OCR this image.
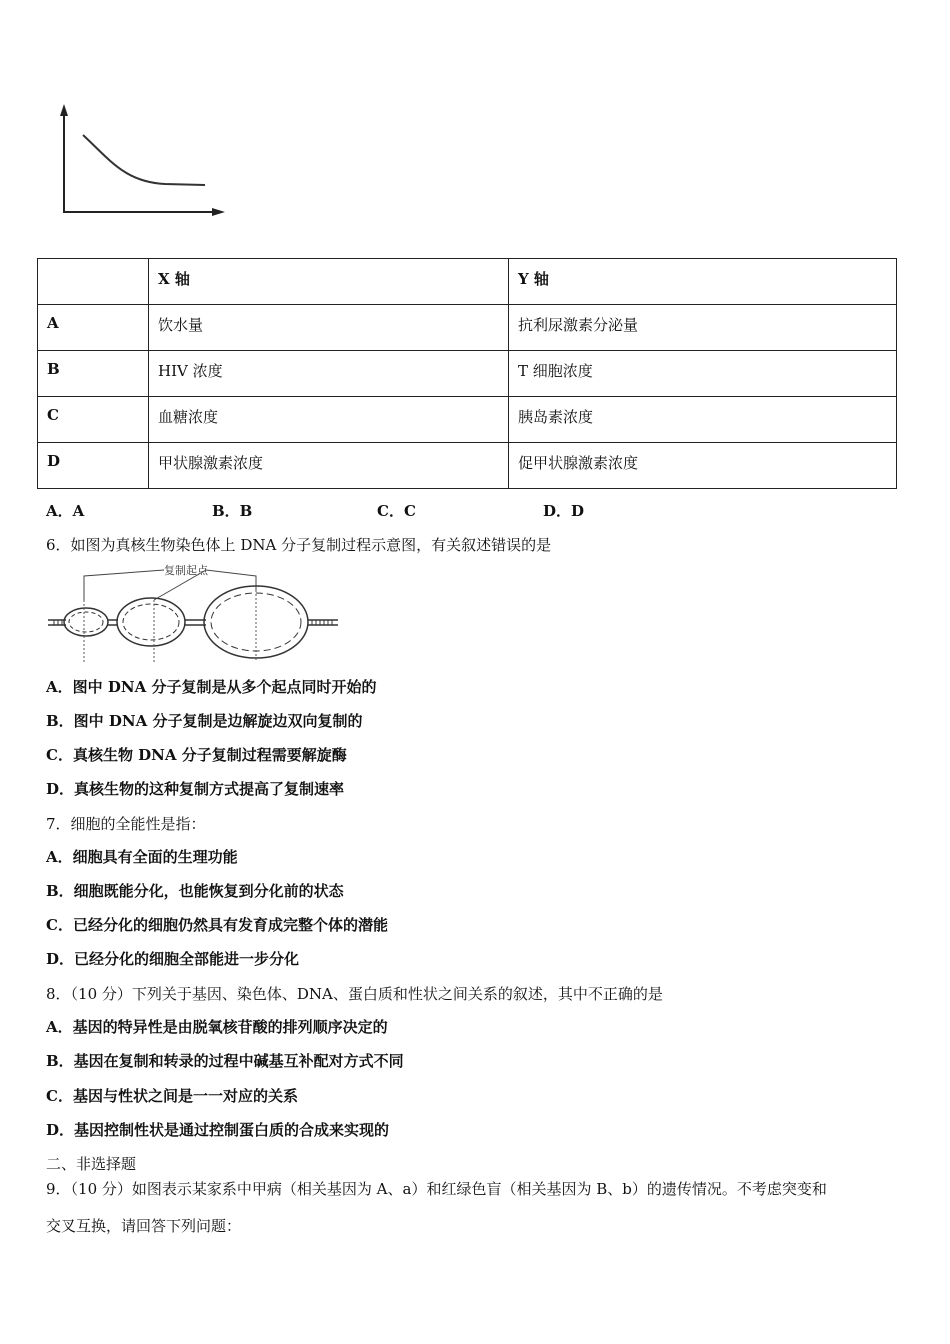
	X 轴	Y 轴
A	饮水量	抗利尿激素分泌量
B	HIV 浓度	T 细胞浓度
C	血糖浓度	胰岛素浓度
D	甲状腺激素浓度	促甲状腺激素浓度
A．A	B．B	C．C	D．D
6．如图为真核生物染色体上 DNA 分子复制过程示意图，有关叙述错误的是
复制起点
A．图中 DNA 分子复制是从多个起点同时开始的
B．图中 DNA 分子复制是边解旋边双向复制的
C．真核生物 DNA 分子复制过程需要解旋酶
D．真核生物的这种复制方式提高了复制速率
7．细胞的全能性是指：
A．细胞具有全面的生理功能
B．细胞既能分化，也能恢复到分化前的状态
C．已经分化的细胞仍然具有发育成完整个体的潜能
D．已经分化的细胞全部能进一步分化
8．（10 分）下列关于基因、染色体、DNA、蛋白质和性状之间关系的叙述，其中不正确的是
A．基因的特异性是由脱氧核苷酸的排列顺序决定的
B．基因在复制和转录的过程中碱基互补配对方式不同
C．基因与性状之间是一一对应的关系
D．基因控制性状是通过控制蛋白质的合成来实现的
二、非选择题
9．（10 分）如图表示某家系中甲病（相关基因为 A、a）和红绿色盲（相关基因为 B、b）的遗传情况。不考虑突变和
交叉互换，请回答下列问题：
